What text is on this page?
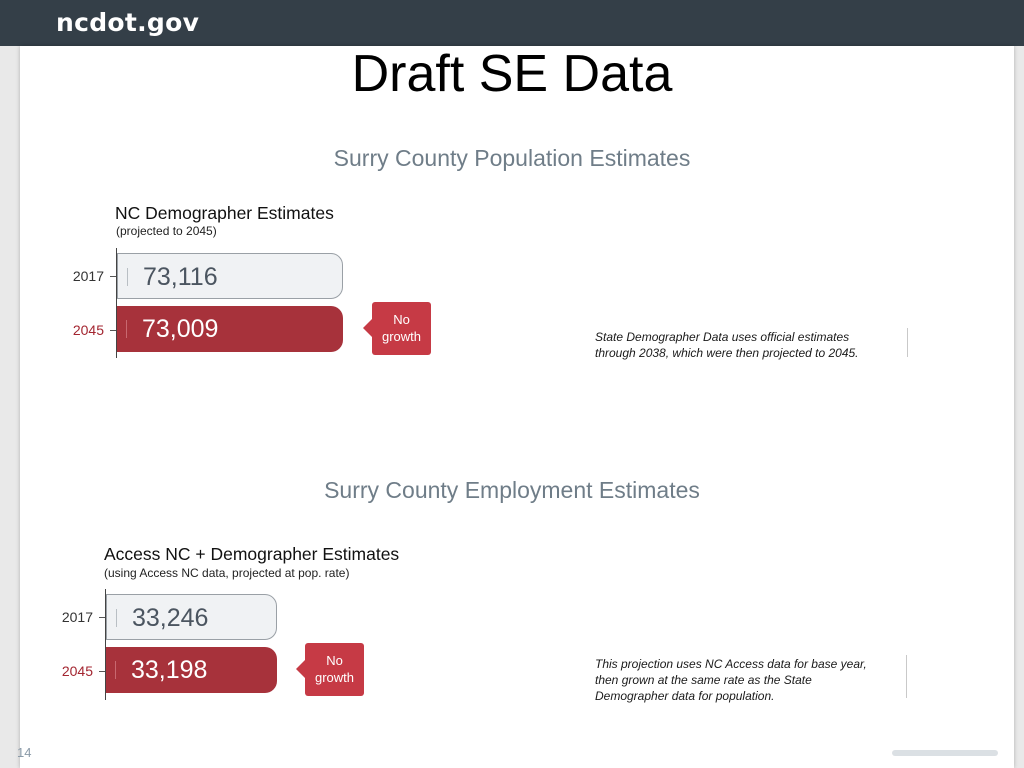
ncdot.gov
Draft SE Data
Surry County Population Estimates
NC Demographer Estimates
(projected to 2045)
2017	73,116
2045	73,009	No
growth	State Demographer Data uses official estimates
through 2038, which were then projected to 2045.
Surry County Employment Estimates
Access NC + Demographer Estimates
(using Access NC data, projected at pop. rate)
2017	33,246
2045	33,198	No
growth
This projection uses NC Access data for base year,
then grown at the same rate as the State
Demographer data for population.
14
